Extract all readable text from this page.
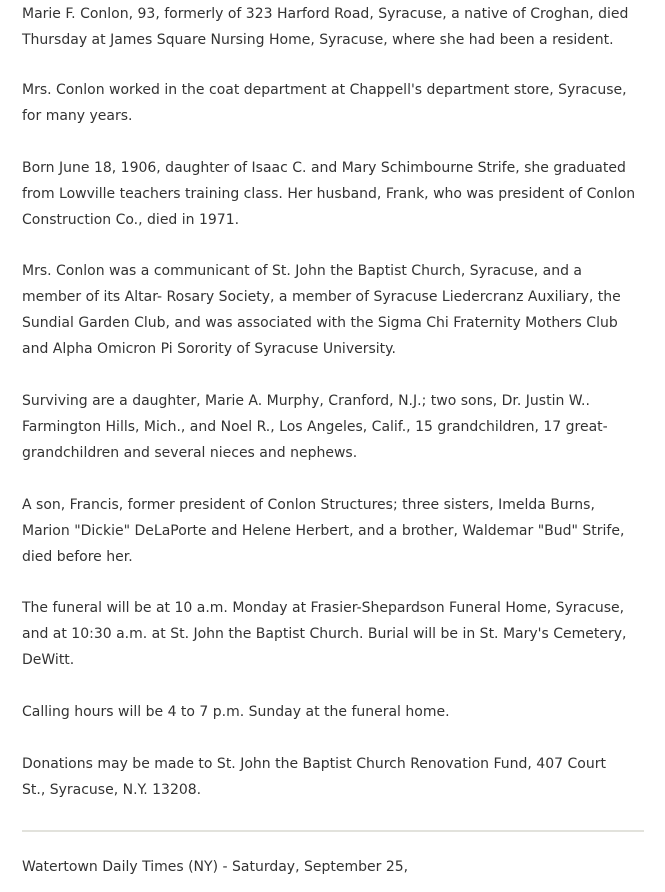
Marie F. Conlon, 93, formerly of 323 Harford Road, Syracuse, a native of Croghan, died
Thursday at James Square Nursing Home, Syracuse, where she had been a resident.

Mrs. Conlon worked in the coat department at Chappell's department store, Syracuse,
for many years.

Born June 18, 1906, daughter of Isaac C. and Mary Schimbourne Strife, she graduated
from Lowville teachers training class. Her husband, Frank, who was president of Conlon
Construction Co., died in 1971.

Mrs. Conlon was a communicant of St. John the Baptist Church, Syracuse, and a
member of its Altar- Rosary Society, a member of Syracuse Liedercranz Auxiliary, the
Sundial Garden Club, and was associated with the Sigma Chi Fraternity Mothers Club
and Alpha Omicron Pi Sorority of Syracuse University.

Surviving are a daughter, Marie A. Murphy, Cranford, N.J.; two sons, Dr. Justin W..
Farmington Hills, Mich., and Noel R., Los Angeles, Calif., 15 grandchildren, 17 great-
grandchildren and several nieces and nephews.

A son, Francis, former president of Conlon Structures; three sisters, Imelda Burns,
Marion "Dickie" DeLaPorte and Helene Herbert, and a brother, Waldemar "Bud" Strife,
died before her.

The funeral will be at 10 a.m. Monday at Frasier-Shepardson Funeral Home, Syracuse,
and at 10:30 a.m. at St. John the Baptist Church. Burial will be in St. Mary's Cemetery,
DeWitt.

Calling hours will be 4 to 7 p.m. Sunday at the funeral home.

Donations may be made to St. John the Baptist Church Renovation Fund, 407 Court
St., Syracuse, N.Y. 13208.

Watertown Daily Times (NY) - Saturday, September 25,
